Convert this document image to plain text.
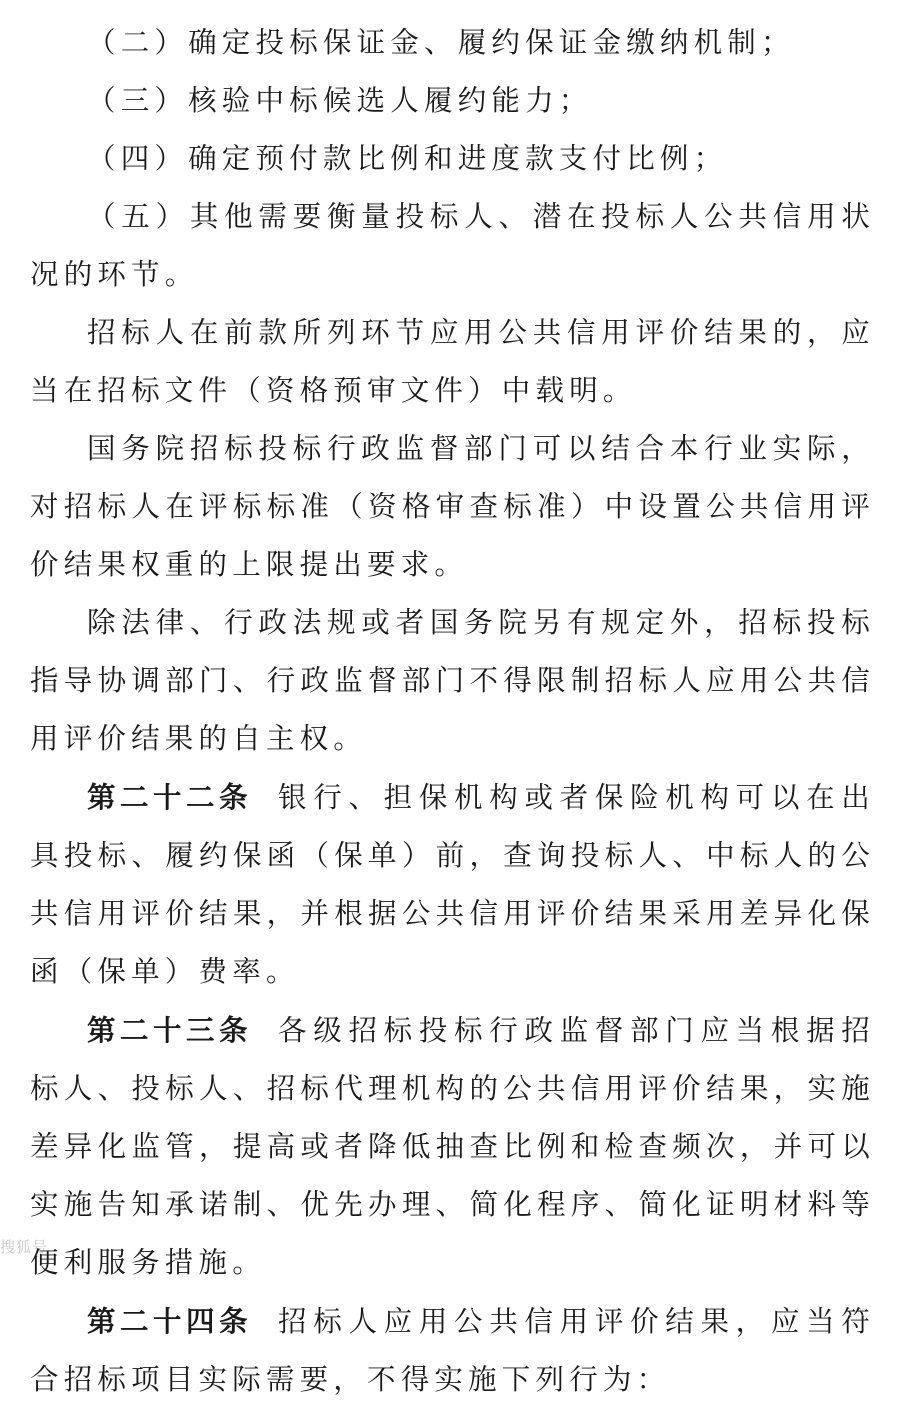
（二）确定投标保证金、履约保证金缴纳机制；

（三）核验中标候选人履约能力；

（四）确定预付款比例和进度款支付比例；

（五）其他需要衡量投标人、潜在投标人公共信用状况的环节。

招标人在前款所列环节应用公共信用评价结果的，应当在招标文件（资格预审文件）中载明。

国务院招标投标行政监督部门可以结合本行业实际，对招标人在评标标准（资格审查标准）中设置公共信用评价结果权重的上限提出要求。

除法律、行政法规或者国务院另有规定外，招标投标指导协调部门、行政监督部门不得限制招标人应用公共信用评价结果的自主权。

第二十二条 银行、担保机构或者保险机构可以在出具投标、履约保函（保单）前，查询投标人、中标人的公共信用评价结果，并根据公共信用评价结果采用差异化保函（保单）费率。

第二十三条 各级招标投标行政监督部门应当根据招标人、投标人、招标代理机构的公共信用评价结果，实施差异化监管，提高或者降低抽查比例和检查频次，并可以实施告知承诺制、优先办理、简化程序、简化证明材料等便利服务措施。

第二十四条 招标人应用公共信用评价结果，应当符合招标项目实际需要，不得实施下列行为：

搜狐号
